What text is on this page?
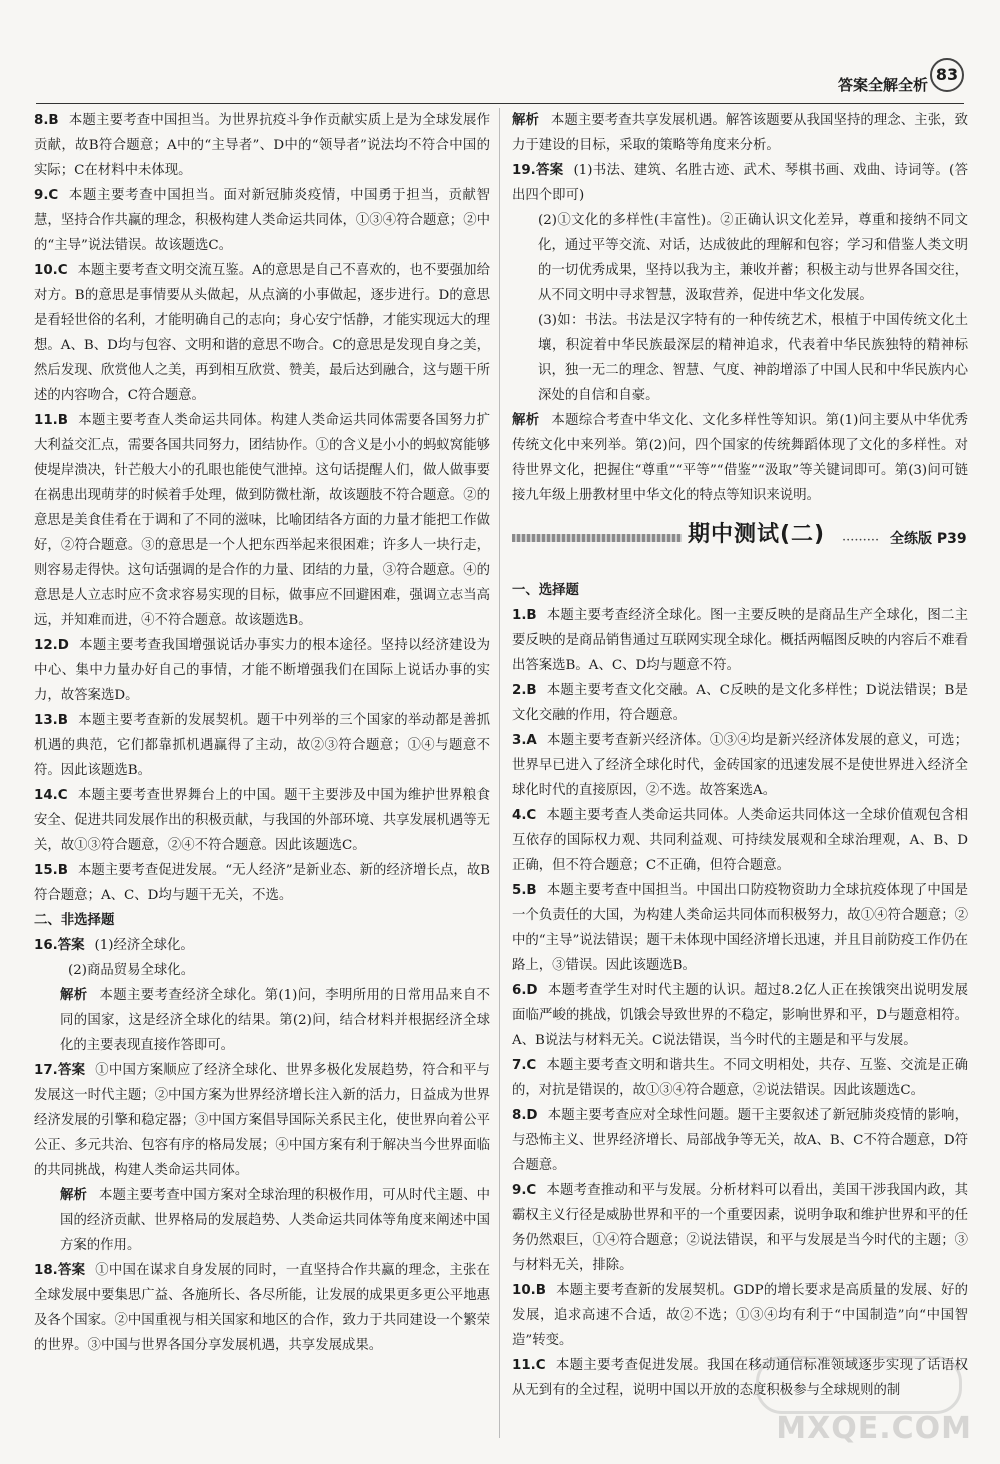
83
答案全解全析

8.B 本题主要考查中国担当。为世界抗疫斗争作贡献实质上是为全球发展作贡献，故B符合题意；A中的“主导者”、D中的“领导者”说法均不符合中国的实际；C在材料中未体现。

9.C 本题主要考查中国担当。面对新冠肺炎疫情，中国勇于担当，贡献智慧，坚持合作共赢的理念，积极构建人类命运共同体，①③④符合题意；②中的“主导”说法错误。故该题选C。

10.C 本题主要考查文明交流互鉴。A的意思是自己不喜欢的，也不要强加给对方。B的意思是事情要从头做起，从点滴的小事做起，逐步进行。D的意思是看轻世俗的名利，才能明确自己的志向；身心安宁恬静，才能实现远大的理想。A、B、D均与包容、文明和谐的意思不吻合。C的意思是发现自身之美，然后发现、欣赏他人之美，再到相互欣赏、赞美，最后达到融合，这与题干所述的内容吻合，C符合题意。

11.B 本题主要考查人类命运共同体。构建人类命运共同体需要各国努力扩大利益交汇点，需要各国共同努力，团结协作。①的含义是小小的蚂蚁窝能够使堤岸溃决，针芒般大小的孔眼也能使气泄掉。这句话提醒人们，做人做事要在祸患出现萌芽的时候着手处理，做到防微杜渐，故该题肢不符合题意。②的意思是美食佳肴在于调和了不同的滋味，比喻团结各方面的力量才能把工作做好，②符合题意。③的意思是一个人把东西举起来很困难；许多人一块行走，则容易走得快。这句话强调的是合作的力量、团结的力量，③符合题意。④的意思是人立志时应不贪求容易实现的目标，做事应不回避困难，强调立志当高远，并知难而进，④不符合题意。故该题选B。

12.D 本题主要考查我国增强说话办事实力的根本途径。坚持以经济建设为中心、集中力量办好自己的事情，才能不断增强我们在国际上说话办事的实力，故答案选D。

13.B 本题主要考查新的发展契机。题干中列举的三个国家的举动都是善抓机遇的典范，它们都靠抓机遇赢得了主动，故②③符合题意；①④与题意不符。因此该题选B。

14.C 本题主要考查世界舞台上的中国。题干主要涉及中国为维护世界粮食安全、促进共同发展作出的积极贡献，与我国的外部环境、共享发展机遇等无关，故①③符合题意，②④不符合题意。因此该题选C。

15.B 本题主要考查促进发展。“无人经济”是新业态、新的经济增长点，故B符合题意；A、C、D均与题干无关，不选。

二、非选择题

16.答案 (1)经济全球化。

(2)商品贸易全球化。

解析 本题主要考查经济全球化。第(1)问，李明所用的日常用品来自不同的国家，这是经济全球化的结果。第(2)问，结合材料并根据经济全球化的主要表现直接作答即可。

17.答案 ①中国方案顺应了经济全球化、世界多极化发展趋势，符合和平与发展这一时代主题；②中国方案为世界经济增长注入新的活力，日益成为世界经济发展的引擎和稳定器；③中国方案倡导国际关系民主化，使世界向着公平公正、多元共治、包容有序的格局发展；④中国方案有利于解决当今世界面临的共同挑战，构建人类命运共同体。

解析 本题主要考查中国方案对全球治理的积极作用，可从时代主题、中国的经济贡献、世界格局的发展趋势、人类命运共同体等角度来阐述中国方案的作用。

18.答案 ①中国在谋求自身发展的同时，一直坚持合作共赢的理念，主张在全球发展中要集思广益、各施所长、各尽所能，让发展的成果更多更公平地惠及各个国家。②中国重视与相关国家和地区的合作，致力于共同建设一个繁荣的世界。③中国与世界各国分享发展机遇，共享发展成果。

解析 本题主要考查共享发展机遇。解答该题要从我国坚持的理念、主张，致力于建设的目标，采取的策略等角度来分析。

19.答案 (1)书法、建筑、名胜古迹、武术、琴棋书画、戏曲、诗词等。(答出四个即可)

(2)①文化的多样性(丰富性)。②正确认识文化差异，尊重和接纳不同文化，通过平等交流、对话，达成彼此的理解和包容；学习和借鉴人类文明的一切优秀成果，坚持以我为主，兼收并蓄；积极主动与世界各国交往，从不同文明中寻求智慧，汲取营养，促进中华文化发展。

(3)如：书法。书法是汉字特有的一种传统艺术，根植于中国传统文化土壤，积淀着中华民族最深层的精神追求，代表着中华民族独特的精神标识，独一无二的理念、智慧、气度、神韵增添了中国人民和中华民族内心深处的自信和自豪。

解析 本题综合考查中华文化、文化多样性等知识。第(1)问主要从中华优秀传统文化中来列举。第(2)问，四个国家的传统舞蹈体现了文化的多样性。对待世界文化，把握住“尊重”“平等”“借鉴”“汲取”等关键词即可。第(3)问可链接九年级上册教材里中华文化的特点等知识来说明。

期中测试(二) ········· 全练版 P39

一、选择题

1.B 本题主要考查经济全球化。图一主要反映的是商品生产全球化，图二主要反映的是商品销售通过互联网实现全球化。概括两幅图反映的内容后不难看出答案选B。A、C、D均与题意不符。

2.B 本题主要考查文化交融。A、C反映的是文化多样性；D说法错误；B是文化交融的作用，符合题意。

3.A 本题主要考查新兴经济体。①③④均是新兴经济体发展的意义，可选；世界早已进入了经济全球化时代，金砖国家的迅速发展不是使世界进入经济全球化时代的直接原因，②不选。故答案选A。

4.C 本题主要考查人类命运共同体。人类命运共同体这一全球价值观包含相互依存的国际权力观、共同利益观、可持续发展观和全球治理观，A、B、D正确，但不符合题意；C不正确，但符合题意。

5.B 本题主要考查中国担当。中国出口防疫物资助力全球抗疫体现了中国是一个负责任的大国，为构建人类命运共同体而积极努力，故①④符合题意；②中的“主导”说法错误；题干未体现中国经济增长迅速，并且目前防疫工作仍在路上，③错误。因此该题选B。

6.D 本题考查学生对时代主题的认识。超过8.2亿人正在挨饿突出说明发展面临严峻的挑战，饥饿会导致世界的不稳定，影响世界和平，D与题意相符。A、B说法与材料无关。C说法错误，当今时代的主题是和平与发展。

7.C 本题主要考查文明和谐共生。不同文明相处，共存、互鉴、交流是正确的，对抗是错误的，故①③④符合题意，②说法错误。因此该题选C。

8.D 本题主要考查应对全球性问题。题干主要叙述了新冠肺炎疫情的影响，与恐怖主义、世界经济增长、局部战争等无关，故A、B、C不符合题意，D符合题意。

9.C 本题考查推动和平与发展。分析材料可以看出，美国干涉我国内政，其霸权主义行径是威胁世界和平的一个重要因素，说明争取和维护世界和平的任务仍然艰巨，①④符合题意；②说法错误，和平与发展是当今时代的主题；③与材料无关，排除。

10.B 本题主要考查新的发展契机。GDP的增长要求是高质量的发展、好的发展，追求高速不合适，故②不选；①③④均有利于“中国制造”向“中国智造”转变。

11.C 本题主要考查促进发展。我国在移动通信标准领域逐步实现了话语权从无到有的全过程，说明中国以开放的态度积极参与全球规则的制

MXQE.COM
